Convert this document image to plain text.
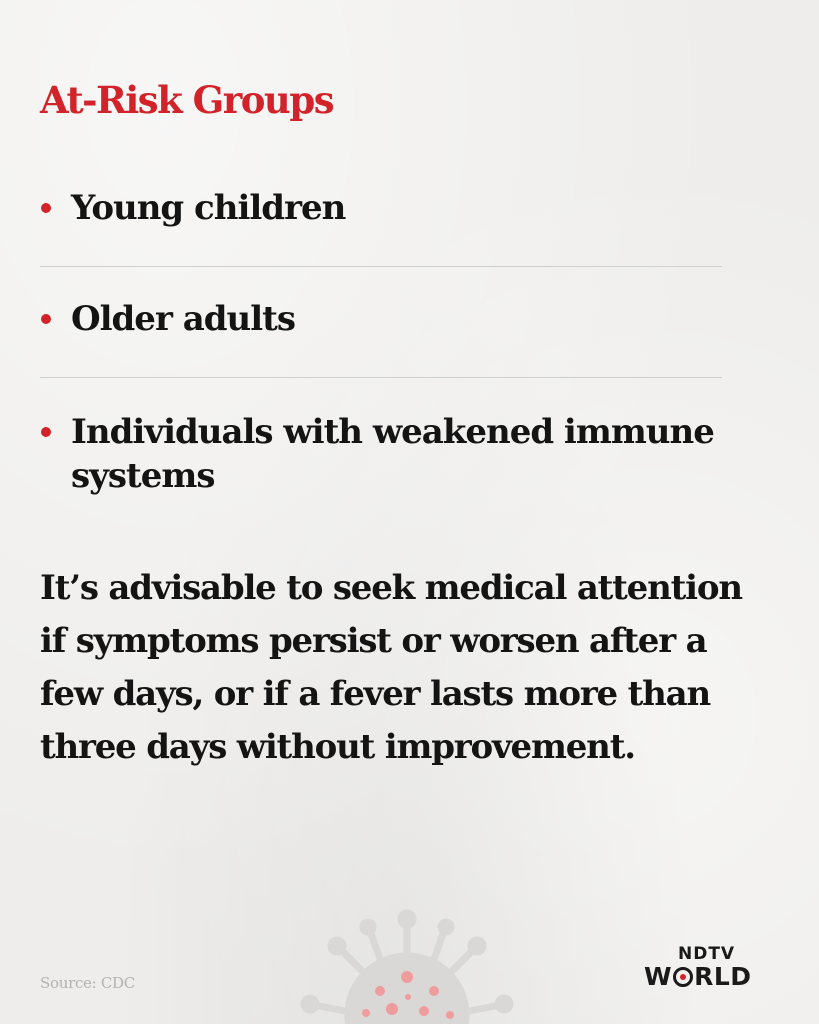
At-Risk Groups
Young children
Older adults
Individuals with weakened immune systems

It’s advisable to seek medical attention if symptoms persist or worsen after a few days, or if a fever lasts more than three days without improvement.

Source: CDC
NDTV
W RLD
